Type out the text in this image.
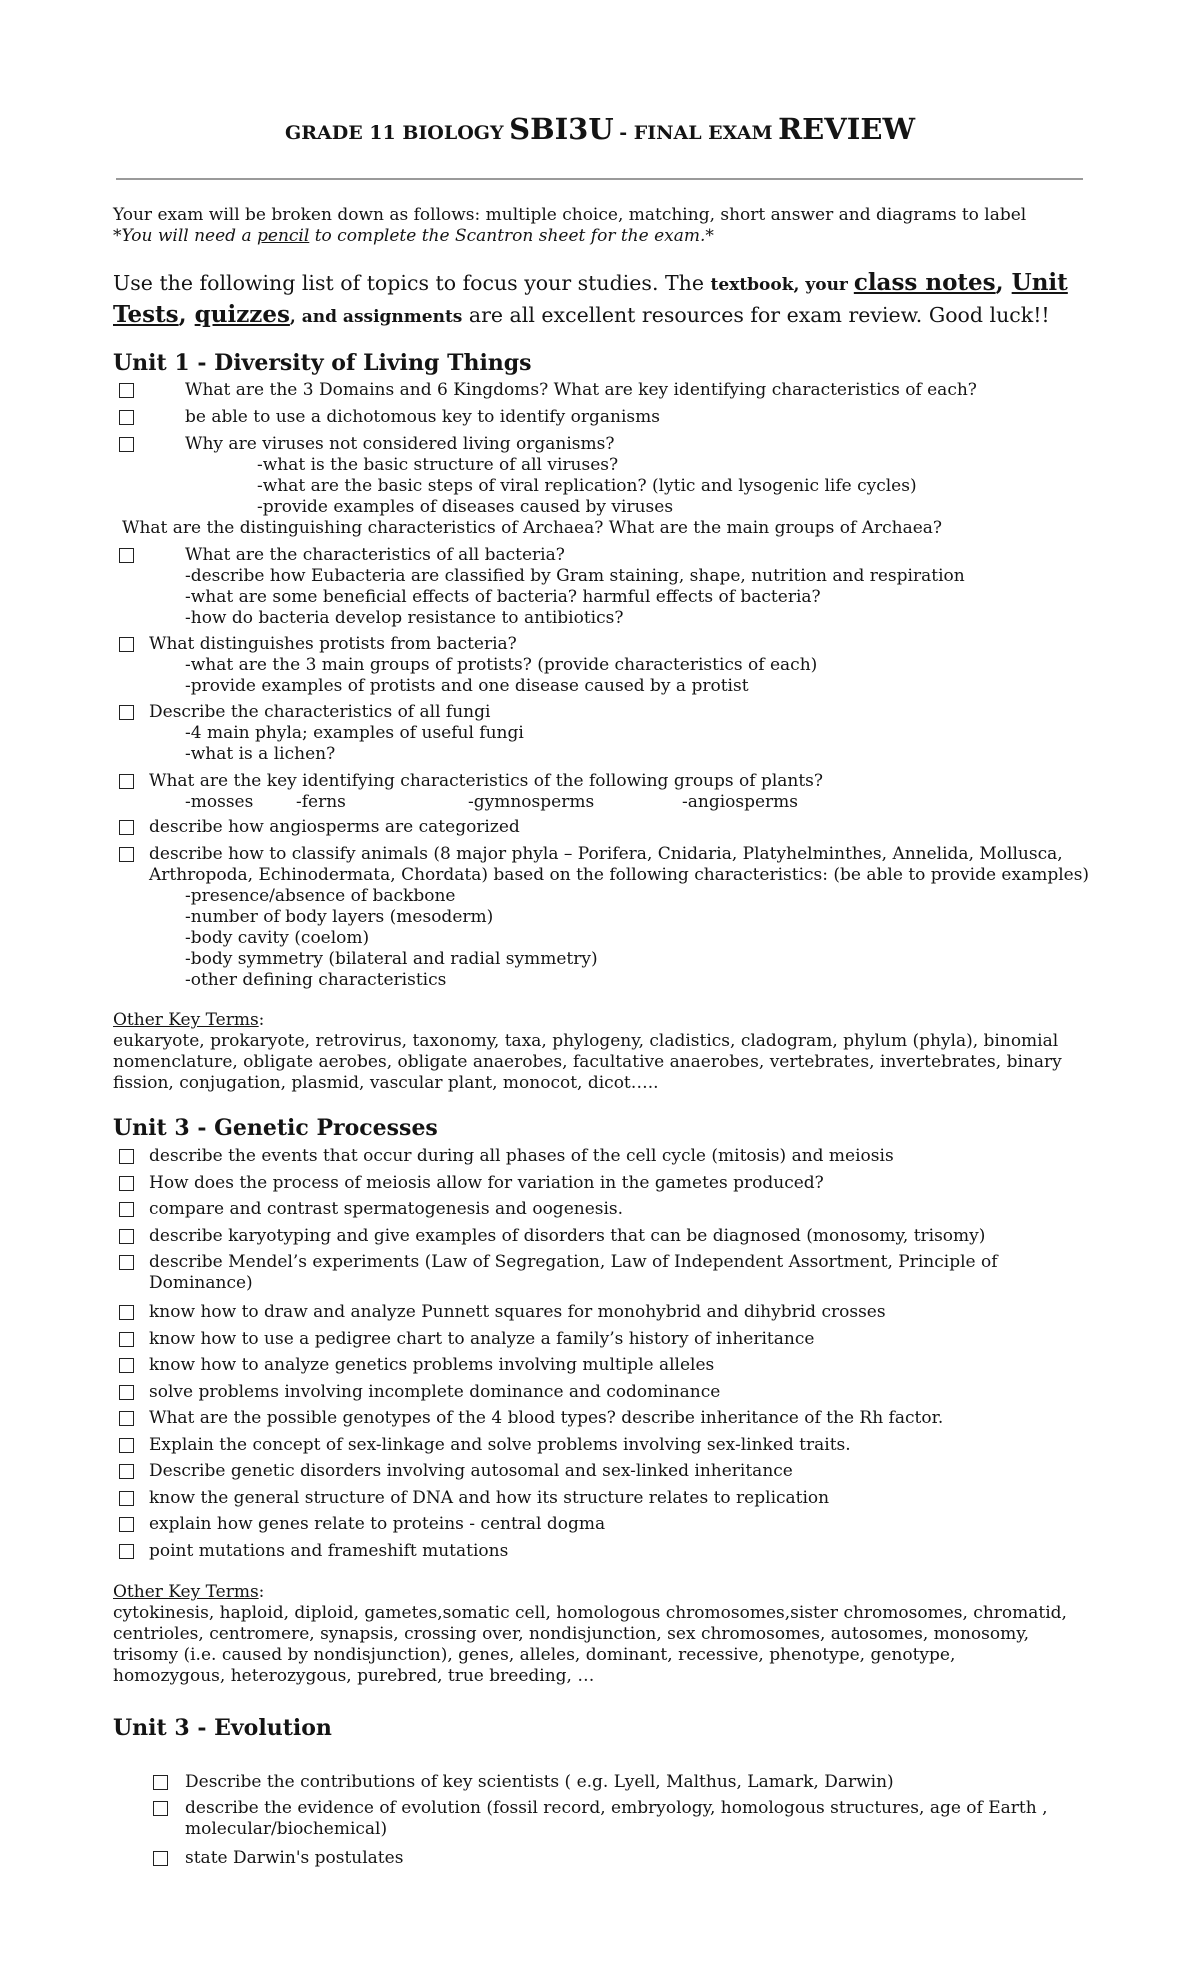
GRADE 11 BIOLOGY SBI3U - FINAL EXAM REVIEW
Your exam will be broken down as follows: multiple choice, matching, short answer and diagrams to label
*You will need a pencil to complete the Scantron sheet for the exam.*
Use the following list of topics to focus your studies. The textbook, your class notes, Unit Tests, quizzes, and assignments are all excellent resources for exam review. Good luck!!
Unit 1 - Diversity of Living Things
What are the 3 Domains and 6 Kingdoms? What are key identifying characteristics of each?
be able to use a dichotomous key to identify organisms
Why are viruses not considered living organisms?
-what is the basic structure of all viruses?
-what are the basic steps of viral replication? (lytic and lysogenic life cycles)
-provide examples of diseases caused by viruses
What are the distinguishing characteristics of Archaea? What are the main groups of Archaea?
What are the characteristics of all bacteria?
-describe how Eubacteria are classified by Gram staining, shape, nutrition and respiration
-what are some beneficial effects of bacteria? harmful effects of bacteria?
-how do bacteria develop resistance to antibiotics?
What distinguishes protists from bacteria?
-what are the 3 main groups of protists? (provide characteristics of each)
-provide examples of protists and one disease caused by a protist
Describe the characteristics of all fungi
-4 main phyla; examples of useful fungi
-what is a lichen?
What are the key identifying characteristics of the following groups of plants?
-mosses	-ferns	-gymnosperms	-angiosperms
describe how angiosperms are categorized
describe how to classify animals (8 major phyla – Porifera, Cnidaria, Platyhelminthes, Annelida, Mollusca,
Arthropoda, Echinodermata, Chordata) based on the following characteristics: (be able to provide examples)
-presence/absence of backbone
-number of body layers (mesoderm)
-body cavity (coelom)
-body symmetry (bilateral and radial symmetry)
-other defining characteristics
Other Key Terms:
eukaryote, prokaryote, retrovirus, taxonomy, taxa, phylogeny, cladistics, cladogram, phylum (phyla), binomial nomenclature, obligate aerobes, obligate anaerobes, facultative anaerobes, vertebrates, invertebrates, binary fission, conjugation, plasmid, vascular plant, monocot, dicot…..
Unit 3 - Genetic Processes
describe the events that occur during all phases of the cell cycle (mitosis) and meiosis
How does the process of meiosis allow for variation in the gametes produced?
compare and contrast spermatogenesis and oogenesis.
describe karyotyping and give examples of disorders that can be diagnosed (monosomy, trisomy)
describe Mendel’s experiments (Law of Segregation, Law of Independent Assortment, Principle of
Dominance)
know how to draw and analyze Punnett squares for monohybrid and dihybrid crosses
know how to use a pedigree chart to analyze a family’s history of inheritance
know how to analyze genetics problems involving multiple alleles
solve problems involving incomplete dominance and codominance
What are the possible genotypes of the 4 blood types? describe inheritance of the Rh factor.
Explain the concept of sex-linkage and solve problems involving sex-linked traits.
Describe genetic disorders involving autosomal and sex-linked inheritance
know the general structure of DNA and how its structure relates to replication
explain how genes relate to proteins - central dogma
point mutations and frameshift mutations
Other Key Terms:
cytokinesis, haploid, diploid, gametes,somatic cell, homologous chromosomes,sister chromosomes, chromatid, centrioles, centromere, synapsis, crossing over, nondisjunction, sex chromosomes, autosomes, monosomy, trisomy (i.e. caused by nondisjunction), genes, alleles, dominant, recessive, phenotype, genotype, homozygous, heterozygous, purebred, true breeding, …
Unit 3 - Evolution
Describe the contributions of key scientists ( e.g. Lyell, Malthus, Lamark, Darwin)
describe the evidence of evolution (fossil record, embryology, homologous structures, age of Earth ,
molecular/biochemical)
state Darwin's postulates
